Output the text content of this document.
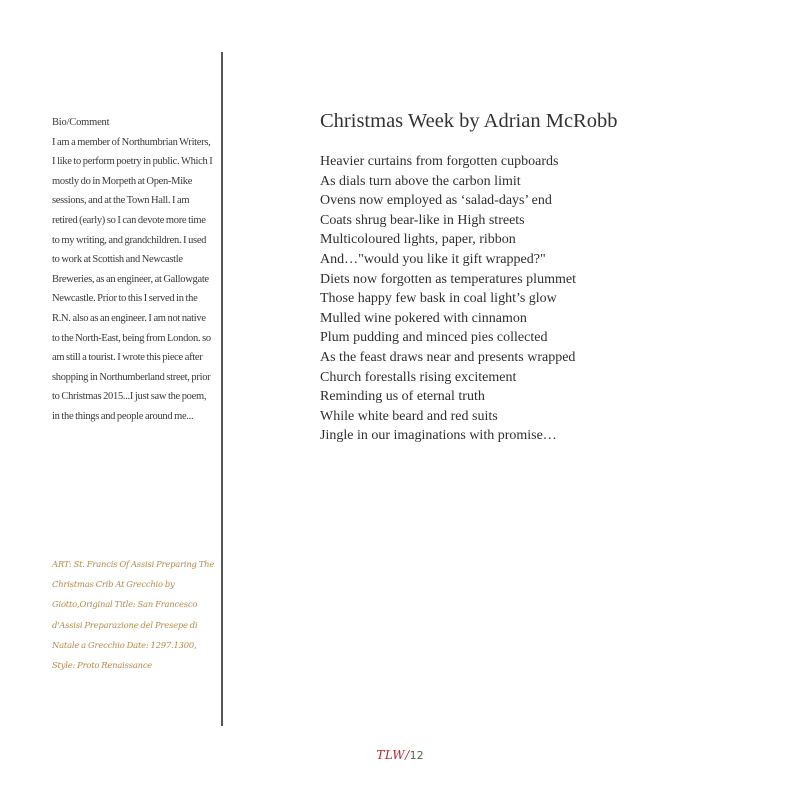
Bio/Comment
I am a member of Northumbrian Writers, I like to perform poetry in public. Which I mostly do in Morpeth at Open-Mike sessions, and at the Town Hall. I am retired (early) so I can devote more time to my writing, and grandchildren. I used to work at Scottish and Newcastle Breweries, as an engineer, at Gallowgate Newcastle. Prior to this I served in the R.N. also as an engineer. I am not native to the North-East, being from London. so am still a tourist. I wrote this piece after shopping in Northumberland street, prior to Christmas 2015...I just saw the poem, in the things and people around me...
ART: St. Francis Of Assisi Preparing The Christmas Crib At Grecchio by Giotto,Original Title: San Francesco d'Assisi Preparazione del Presepe di Natale a Grecchio Date: 1297.1300, Style: Proto Renaissance
Christmas Week by Adrian McRobb
Heavier curtains from forgotten cupboards
As dials turn above the carbon limit
Ovens now employed as ‘salad-days’ end
Coats shrug bear-like in High streets
Multicoloured lights, paper, ribbon
And…"would you like it gift wrapped?"
Diets now forgotten as temperatures plummet
Those happy few bask in coal light’s glow
Mulled wine pokered with cinnamon
Plum pudding and minced pies collected
As the feast draws near and presents wrapped
Church forestalls rising excitement
Reminding us of eternal truth
While white beard and red suits
Jingle in our imaginations with promise…
TLW/12
